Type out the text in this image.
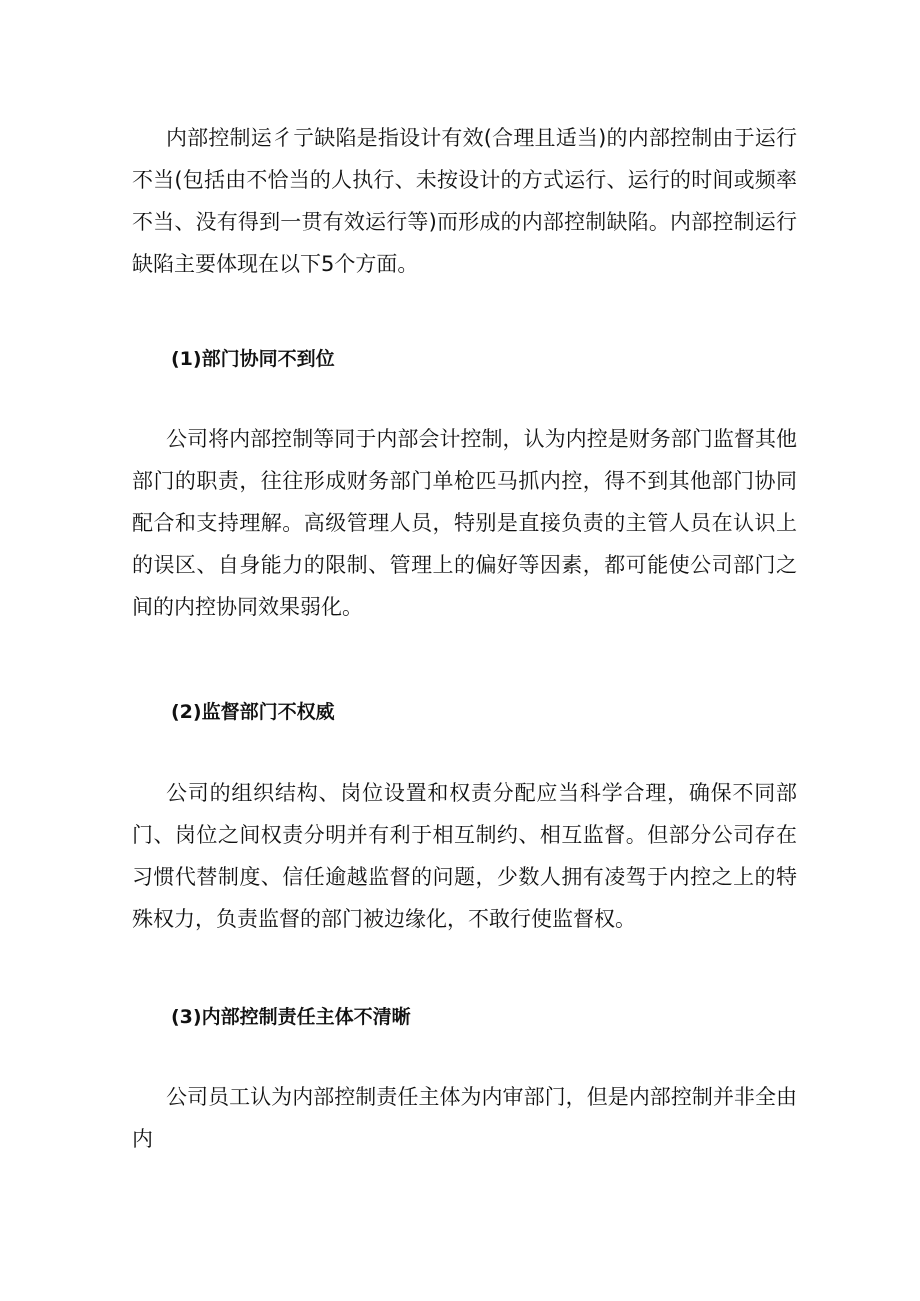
内部控制运彳亍缺陷是指设计有效(合理且适当)的内部控制由于运行不当(包括由不恰当的人执行、未按设计的方式运行、运行的时间或频率不当、没有得到一贯有效运行等)而形成的内部控制缺陷。内部控制运行缺陷主要体现在以下5个方面。

(1)部门协同不到位

公司将内部控制等同于内部会计控制，认为内控是财务部门监督其他部门的职责，往往形成财务部门单枪匹马抓内控，得不到其他部门协同配合和支持理解。高级管理人员，特别是直接负责的主管人员在认识上的误区、自身能力的限制、管理上的偏好等因素，都可能使公司部门之间的内控协同效果弱化。

(2)监督部门不权威

公司的组织结构、岗位设置和权责分配应当科学合理，确保不同部门、岗位之间权责分明并有利于相互制约、相互监督。但部分公司存在习惯代替制度、信任逾越监督的问题，少数人拥有凌驾于内控之上的特殊权力，负责监督的部门被边缘化，不敢行使监督权。

(3)内部控制责任主体不清晰

公司员工认为内部控制责任主体为内审部门，但是内部控制并非全由内
